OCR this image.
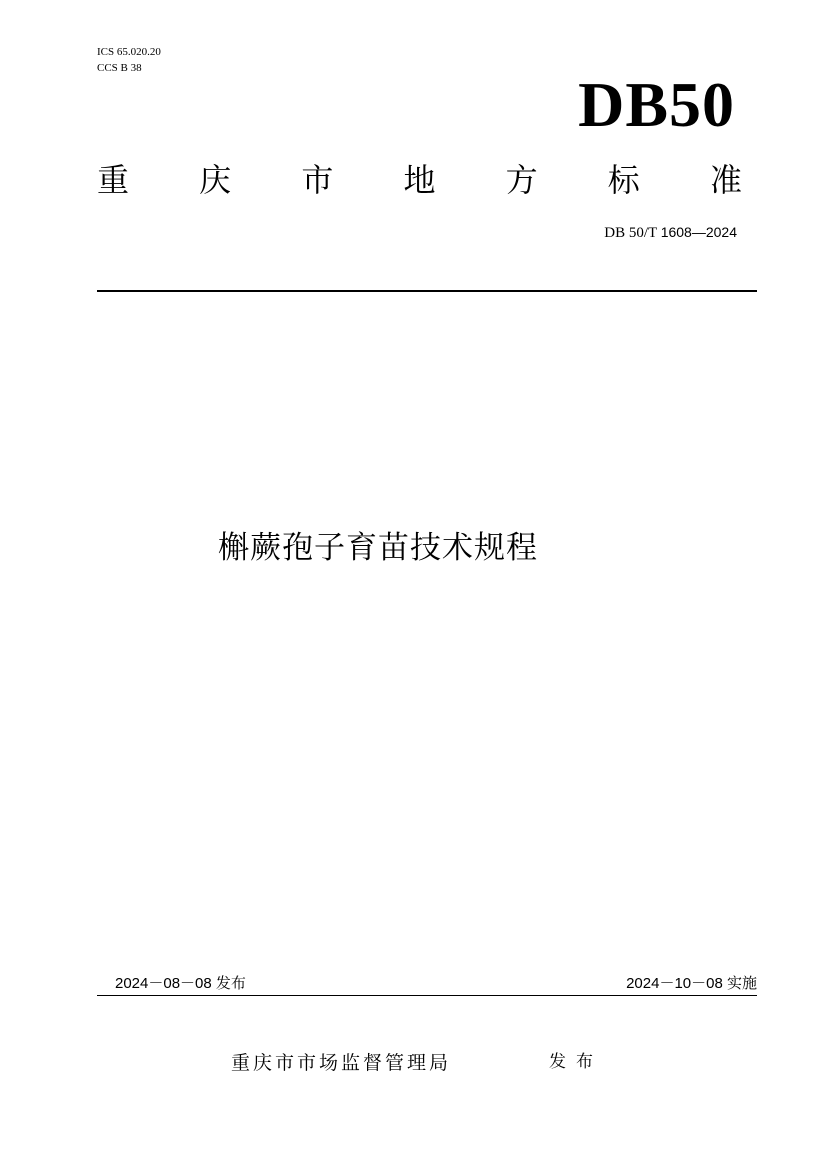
ICS 65.020.20
CCS B 38
DB50
重 庆 市 地 方 标 准
DB 50/T 1608—2024
槲蕨孢子育苗技术规程
2024－08－08 发布	2024－10－08 实施
重庆市市场监督管理局	发布
